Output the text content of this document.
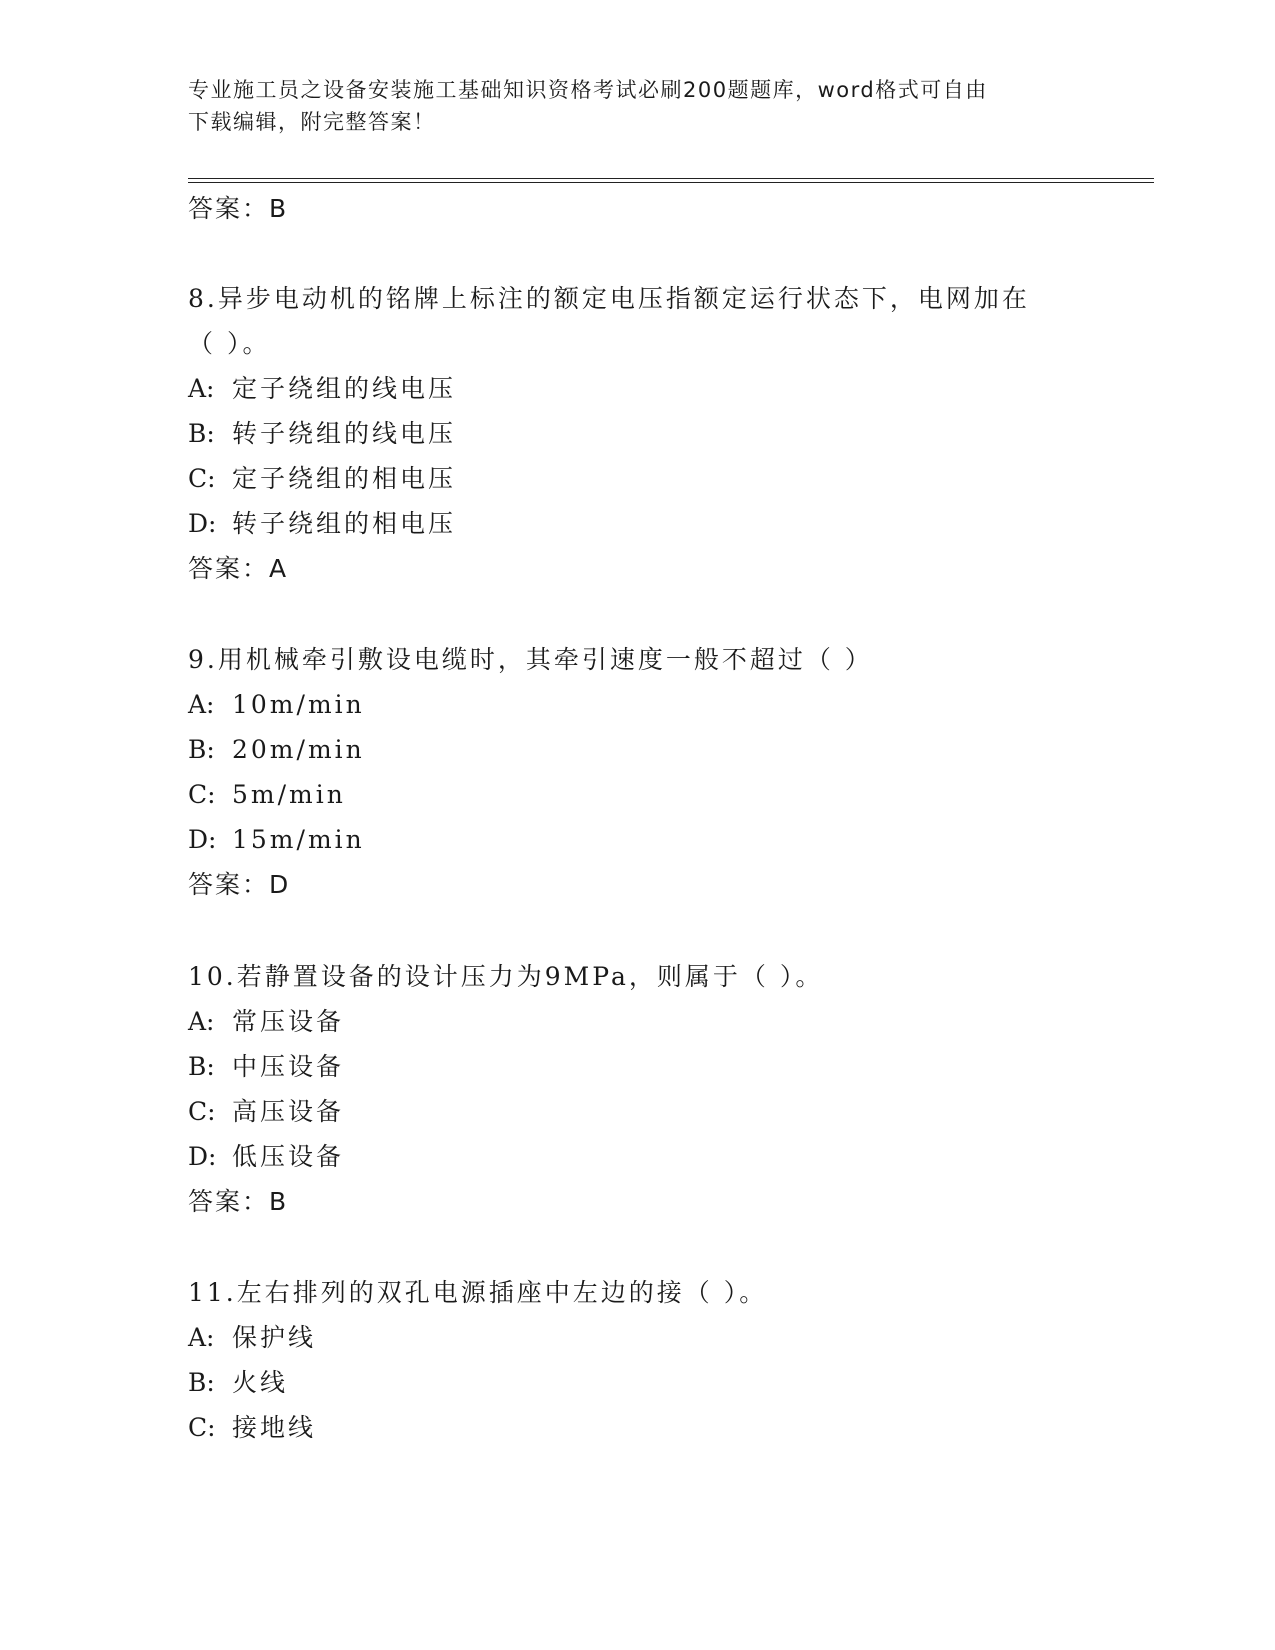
专业施工员之设备安装施工基础知识资格考试必刷200题题库，word格式可自由
下载编辑，附完整答案！
答案：B
8.异步电动机的铭牌上标注的额定电压指额定运行状态下，电网加在
（ ）。
A: 定子绕组的线电压
B: 转子绕组的线电压
C: 定子绕组的相电压
D: 转子绕组的相电压
答案：A
9.用机械牵引敷设电缆时，其牵引速度一般不超过（ ）
A: 10m/min
B: 20m/min
C: 5m/min
D: 15m/min
答案：D
10.若静置设备的设计压力为9MPa，则属于（ ）。
A: 常压设备
B: 中压设备
C: 高压设备
D: 低压设备
答案：B
11.左右排列的双孔电源插座中左边的接（ ）。
A: 保护线
B: 火线
C: 接地线
